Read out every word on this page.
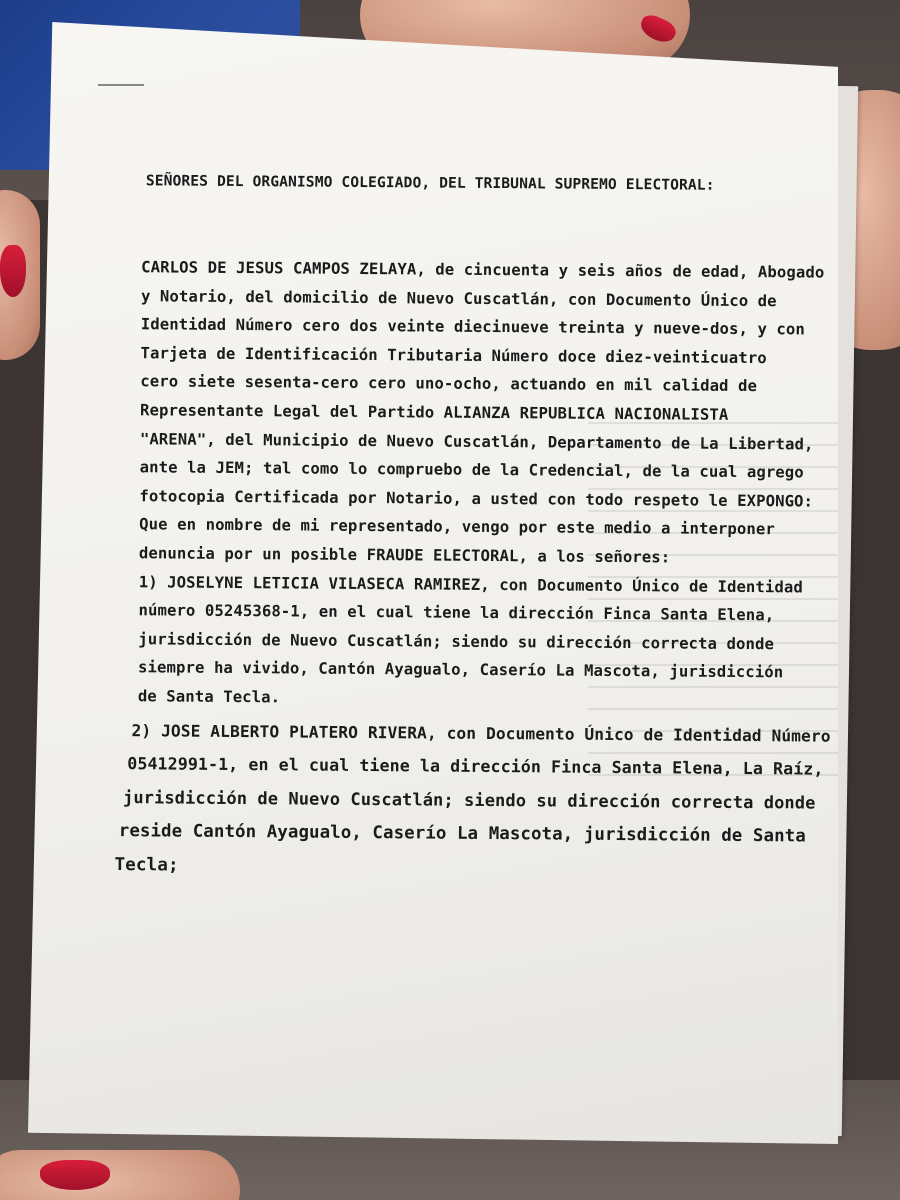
SEÑORES DEL ORGANISMO COLEGIADO, DEL TRIBUNAL SUPREMO ELECTORAL:
CARLOS DE JESUS CAMPOS ZELAYA, de cincuenta y seis años de edad, Abogado
y Notario, del domicilio de Nuevo Cuscatlán, con Documento Único de
Identidad Número cero dos veinte diecinueve treinta y nueve-dos, y con
Tarjeta de Identificación Tributaria Número doce diez-veinticuatro
cero siete sesenta-cero cero uno-ocho, actuando en mil calidad de
Representante Legal del Partido ALIANZA REPUBLICA NACIONALISTA
"ARENA", del Municipio de Nuevo Cuscatlán, Departamento de La Libertad,
ante la JEM; tal como lo compruebo de la Credencial, de la cual agrego
fotocopia Certificada por Notario, a usted con todo respeto le EXPONGO:
Que en nombre de mi representado, vengo por este medio a interponer
denuncia por un posible FRAUDE ELECTORAL, a los señores:
1) JOSELYNE LETICIA VILASECA RAMIREZ, con Documento Único de Identidad
número 05245368-1, en el cual tiene la dirección Finca Santa Elena,
jurisdicción de Nuevo Cuscatlán; siendo su dirección correcta donde
siempre ha vivido, Cantón Ayagualo, Caserío La Mascota, jurisdicción
de Santa Tecla.
2) JOSE ALBERTO PLATERO RIVERA, con Documento Único de Identidad Número
05412991-1, en el cual tiene la dirección Finca Santa Elena, La Raíz,
jurisdicción de Nuevo Cuscatlán; siendo su dirección correcta donde
reside Cantón Ayagualo, Caserío La Mascota, jurisdicción de Santa
Tecla;
